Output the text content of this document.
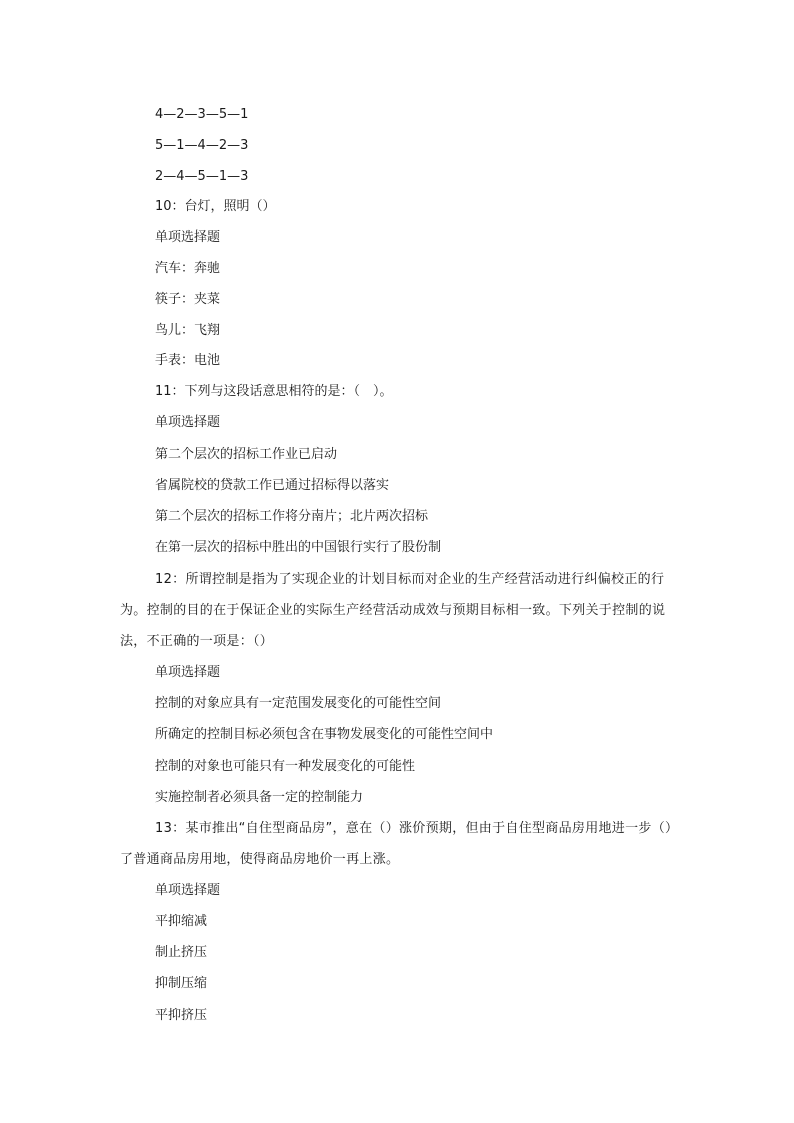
4—2—3—5—1
5—1—4—2—3
2—4—5—1—3
10：台灯，照明（）
单项选择题
汽车：奔驰
筷子：夹菜
鸟儿：飞翔
手表：电池
11：下列与这段话意思相符的是：（　）。
单项选择题
第二个层次的招标工作业已启动
省属院校的贷款工作已通过招标得以落实
第二个层次的招标工作将分南片；北片两次招标
在第一层次的招标中胜出的中国银行实行了股份制
12：所谓控制是指为了实现企业的计划目标而对企业的生产经营活动进行纠偏校正的行为。控制的目的在于保证企业的实际生产经营活动成效与预期目标相一致。下列关于控制的说法，不正确的一项是：（）
单项选择题
控制的对象应具有一定范围发展变化的可能性空间
所确定的控制目标必须包含在事物发展变化的可能性空间中
控制的对象也可能只有一种发展变化的可能性
实施控制者必须具备一定的控制能力
13：某市推出“自住型商品房”，意在（）涨价预期，但由于自住型商品房用地进一步（）了普通商品房用地，使得商品房地价一再上涨。
单项选择题
平抑缩减
制止挤压
抑制压缩
平抑挤压
